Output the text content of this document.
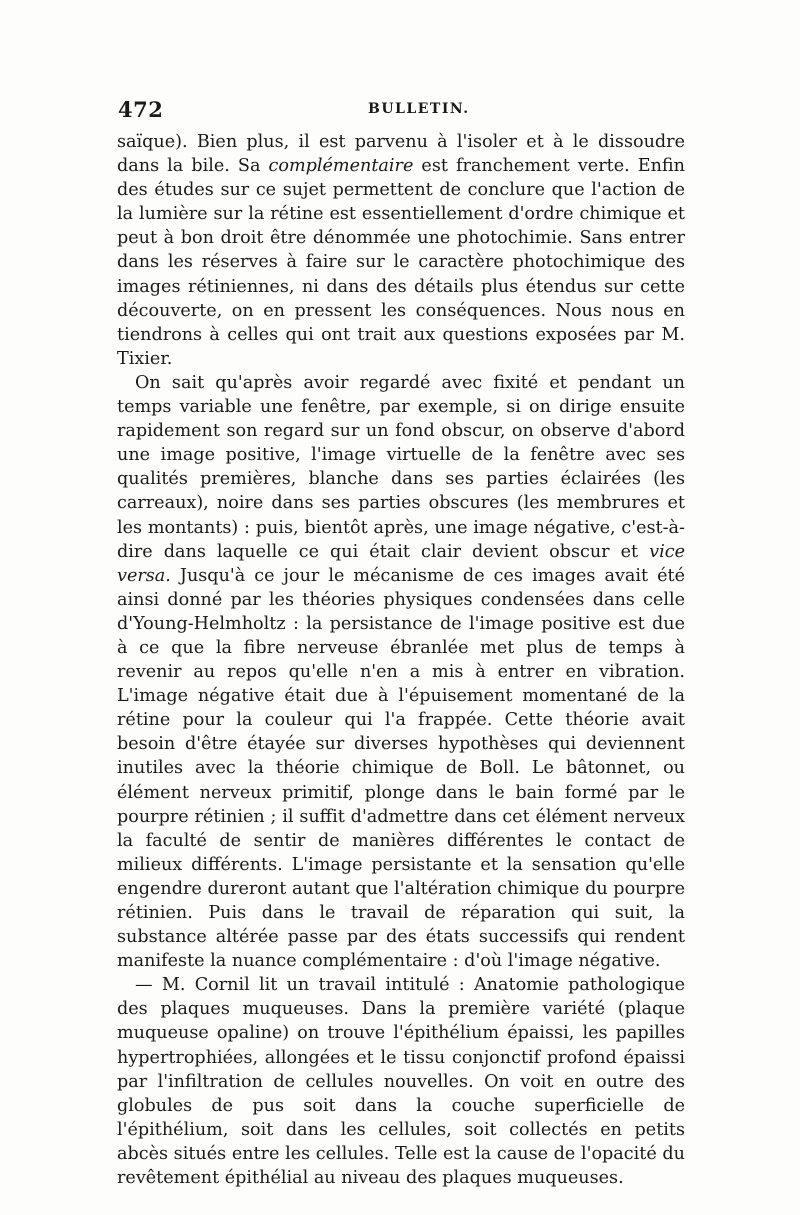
472	BULLETIN.

saïque). Bien plus, il est parvenu à l'isoler et à le dissoudre dans la bile. Sa complémentaire est franchement verte. Enfin des études sur ce sujet permettent de conclure que l'action de la lumière sur la rétine est essentiellement d'ordre chimique et peut à bon droit être dénommée une photochimie. Sans entrer dans les réserves à faire sur le caractère photochimique des images rétiniennes, ni dans des détails plus étendus sur cette découverte, on en pressent les conséquences. Nous nous en tiendrons à celles qui ont trait aux questions exposées par M. Tixier.

On sait qu'après avoir regardé avec fixité et pendant un temps variable une fenêtre, par exemple, si on dirige ensuite rapidement son regard sur un fond obscur, on observe d'abord une image positive, l'image virtuelle de la fenêtre avec ses qualités premières, blanche dans ses parties éclairées (les carreaux), noire dans ses parties obscures (les membrures et les montants) : puis, bientôt après, une image négative, c'est-à-dire dans laquelle ce qui était clair devient obscur et vice versa. Jusqu'à ce jour le mécanisme de ces images avait été ainsi donné par les théories physiques condensées dans celle d'Young-Helmholtz : la persistance de l'image positive est due à ce que la fibre nerveuse ébranlée met plus de temps à revenir au repos qu'elle n'en a mis à entrer en vibration. L'image négative était due à l'épuisement momentané de la rétine pour la couleur qui l'a frappée. Cette théorie avait besoin d'être étayée sur diverses hypothèses qui deviennent inutiles avec la théorie chimique de Boll. Le bâtonnet, ou élément nerveux primitif, plonge dans le bain formé par le pourpre rétinien ; il suffit d'admettre dans cet élément nerveux la faculté de sentir de manières différentes le contact de milieux différents. L'image persistante et la sensation qu'elle engendre dureront autant que l'altération chimique du pourpre rétinien. Puis dans le travail de réparation qui suit, la substance altérée passe par des états successifs qui rendent manifeste la nuance complémentaire : d'où l'image négative.

— M. Cornil lit un travail intitulé : Anatomie pathologique des plaques muqueuses. Dans la première variété (plaque muqueuse opaline) on trouve l'épithélium épaissi, les papilles hypertrophiées, allongées et le tissu conjonctif profond épaissi par l'infiltration de cellules nouvelles. On voit en outre des globules de pus soit dans la couche superficielle de l'épithélium, soit dans les cellules, soit collectés en petits abcès situés entre les cellules. Telle est la cause de l'opacité du revêtement épithélial au niveau des plaques muqueuses.
